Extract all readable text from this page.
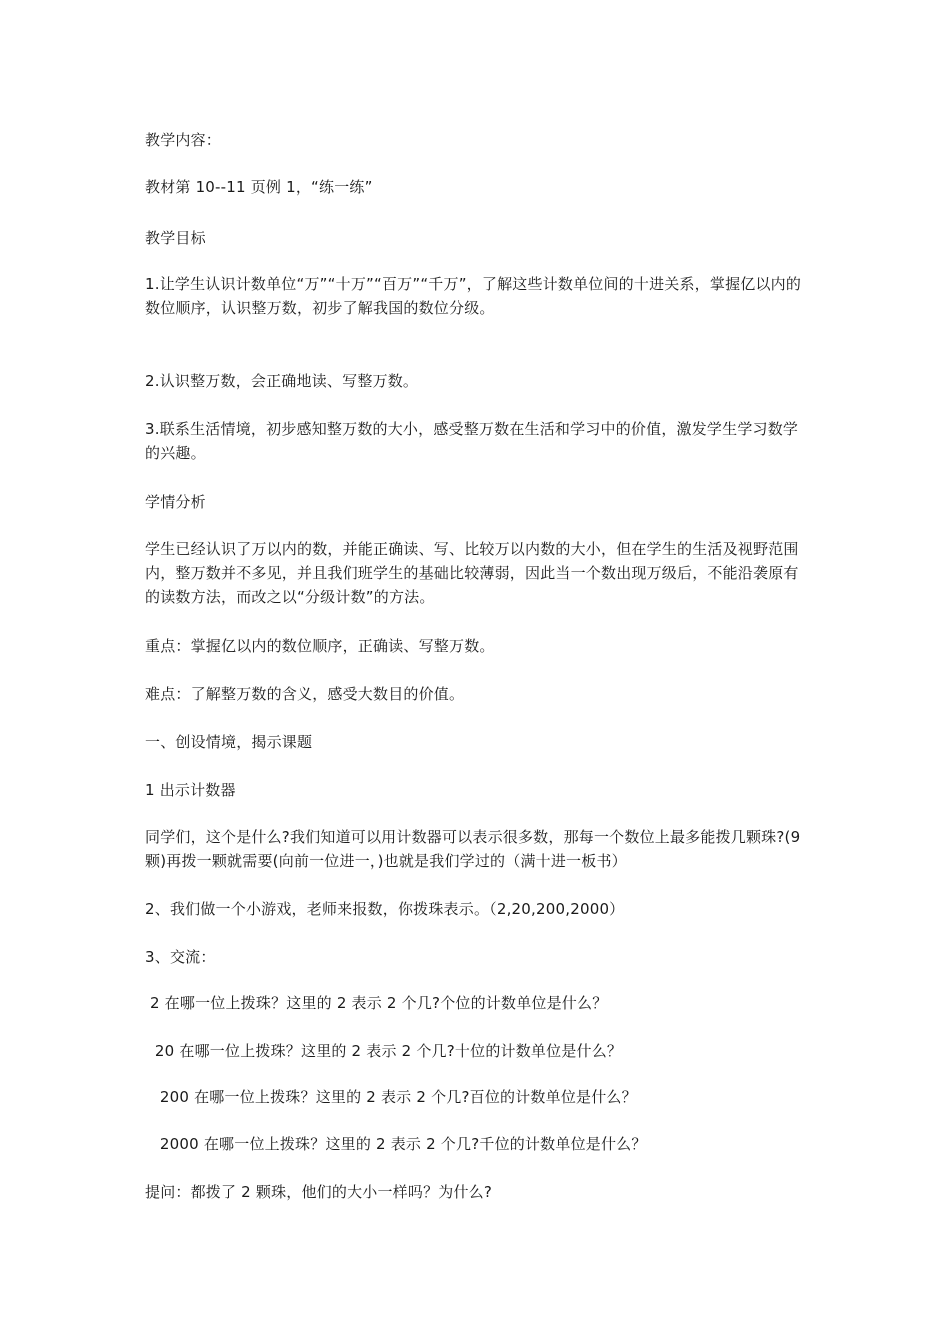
教学内容：
教材第 10--11 页例 1，“练一练”
教学目标
1.让学生认识计数单位“万”“十万”“百万”“千万”，了解这些计数单位间的十进关系，掌握亿以内的数位顺序，认识整万数，初步了解我国的数位分级。
2.认识整万数，会正确地读、写整万数。
3.联系生活情境，初步感知整万数的大小，感受整万数在生活和学习中的价值，激发学生学习数学的兴趣。
学情分析
学生已经认识了万以内的数，并能正确读、写、比较万以内数的大小，但在学生的生活及视野范围内，整万数并不多见，并且我们班学生的基础比较薄弱，因此当一个数出现万级后，不能沿袭原有的读数方法，而改之以“分级计数”的方法。
重点：掌握亿以内的数位顺序，正确读、写整万数。
难点：了解整万数的含义，感受大数目的价值。
一、创设情境，揭示课题
1 出示计数器
同学们，这个是什么?我们知道可以用计数器可以表示很多数，那每一个数位上最多能拨几颗珠?(9 颗)再拨一颗就需要(向前一位进一，)也就是我们学过的（满十进一板书）
2、我们做一个小游戏，老师来报数，你拨珠表示。（2,20,200,2000）
3、交流：
2 在哪一位上拨珠？这里的 2 表示 2 个几?个位的计数单位是什么？
20 在哪一位上拨珠？这里的 2 表示 2 个几?十位的计数单位是什么？
200 在哪一位上拨珠？这里的 2 表示 2 个几?百位的计数单位是什么？
2000 在哪一位上拨珠？这里的 2 表示 2 个几?千位的计数单位是什么？
提问：都拨了 2 颗珠，他们的大小一样吗？为什么?
